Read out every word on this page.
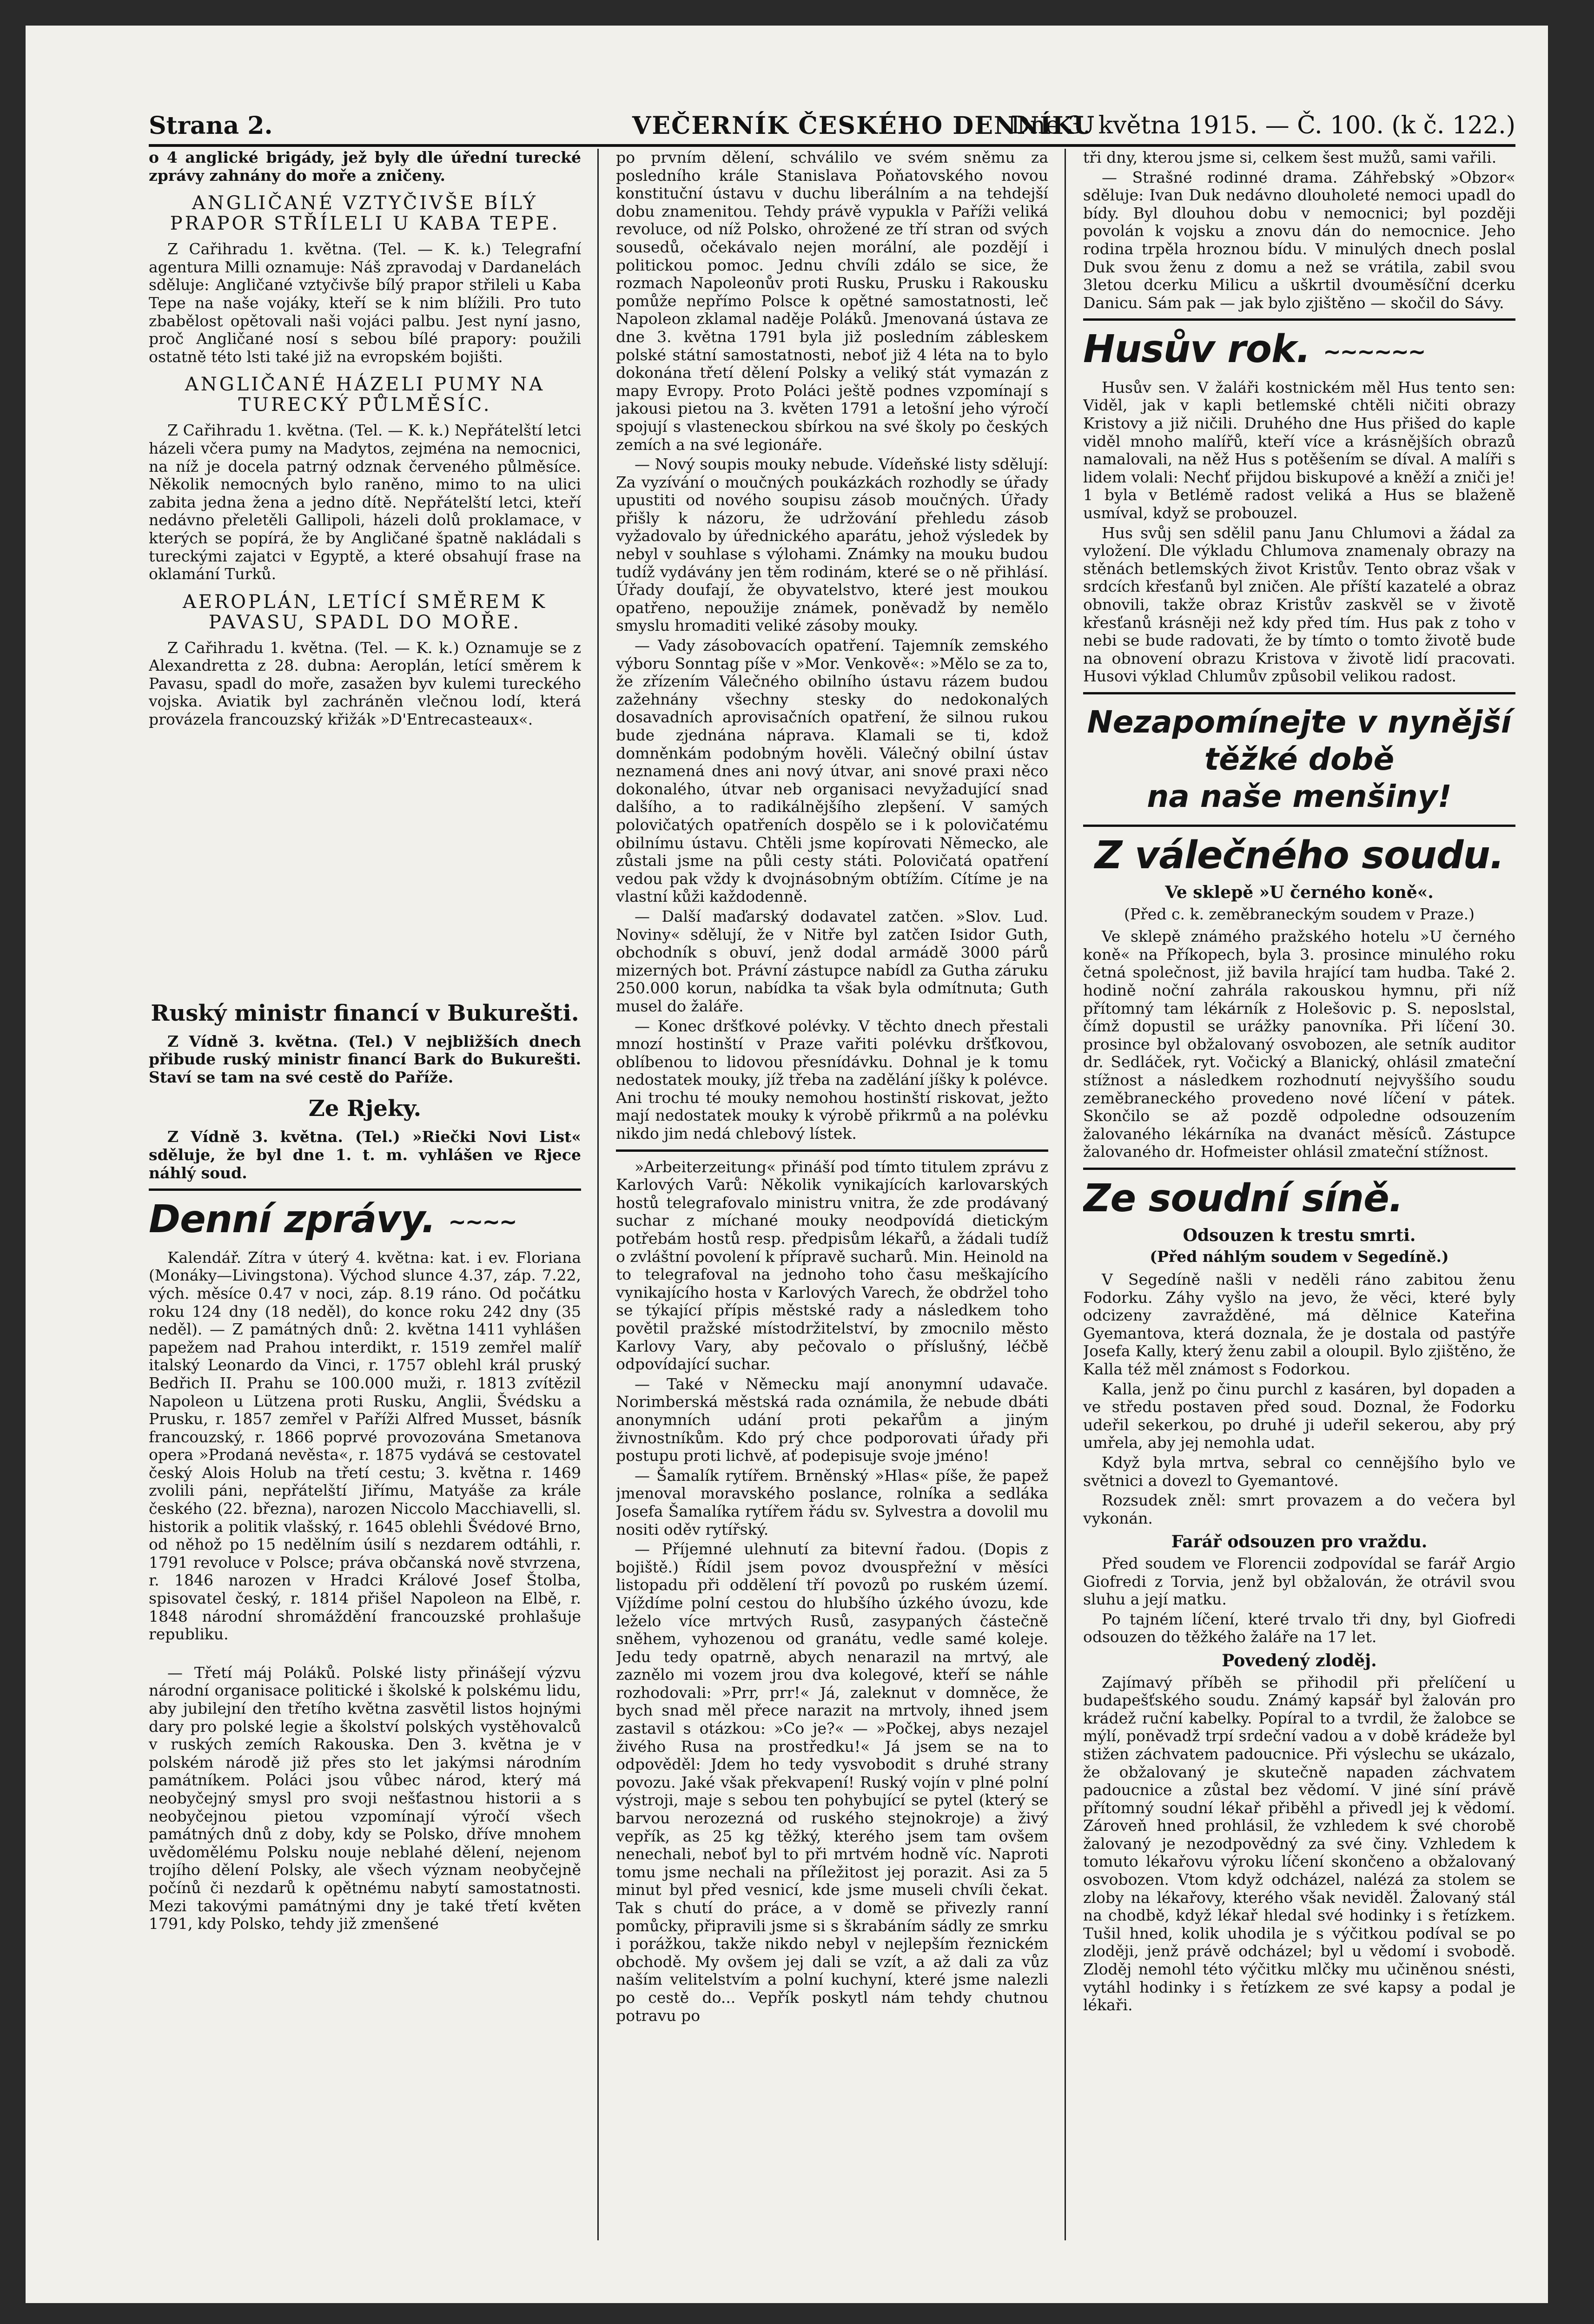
Strana 2.	VEČERNÍK ČESKÉHO DENNÍKU
Dne 3. května 1915. — Č. 100. (k č. 122.)

o 4 anglické brigády, jež byly dle úřední turecké zprávy zahnány do moře a zničeny.

ANGLIČANÉ VZTYČIVŠE BÍLÝ PRAPOR STŘÍLELI U KABA TEPE.

Z Cařihradu 1. května. (Tel. — K. k.) Telegrafní agentura Milli oznamuje: Náš zpravodaj v Dardanelách sděluje: Angličané vztyčivše bílý prapor střileli u Kaba Tepe na naše vojáky, kteří se k nim blížili. Pro tuto zbabělost opětovali naši vojáci palbu. Jest nyní jasno, proč Angličané nosí s sebou bílé prapory: použili ostatně této lsti také již na evropském bojišti.

ANGLIČANÉ HÁZELI PUMY NA TURECKÝ PŮLMĚSÍC.

Z Cařihradu 1. května. (Tel. — K. k.) Nepřátelští letci házeli včera pumy na Madytos, zejména na nemocnici, na níž je docela patrný odznak červeného půlměsíce. Několik nemocných bylo raněno, mimo to na ulici zabita jedna žena a jedno dítě. Nepřátelští letci, kteří nedávno přeletěli Gallipoli, házeli dolů proklamace, v kterých se popírá, že by Angličané špatně nakládali s tureckými zajatci v Egyptě, a které obsahují frase na oklamání Turků.

AEROPLÁN, LETÍCÍ SMĚREM K PAVASU, SPADL DO MOŘE.

Z Cařihradu 1. května. (Tel. — K. k.) Oznamuje se z Alexandretta z 28. dubna: Aeroplán, letící směrem k Pavasu, spadl do moře, zasažen byv kulemi tureckého vojska. Aviatik byl zachráněn vlečnou lodí, která provázela francouzský křižák »D'Entrecasteaux«.

Ruský ministr financí v Bukurešti.

Z Vídně 3. května. (Tel.) V nejbližších dnech přibude ruský ministr financí Bark do Bukurešti. Staví se tam na své cestě do Paříže.

Ze Rjeky.

Z Vídně 3. května. (Tel.) »Riečki Novi List« sděluje, že byl dne 1. t. m. vyhlášen ve Rjece náhlý soud.

Denní zprávy. ~~~~

Kalendář. Zítra v úterý 4. května: kat. i ev. Floriana (Monáky—Livingstona). Východ slunce 4.37, záp. 7.22, vých. měsíce 0.47 v noci, záp. 8.19 ráno. Od počátku roku 124 dny (18 neděl), do konce roku 242 dny (35 neděl). — Z památných dnů: 2. května 1411 vyhlášen papežem nad Prahou interdikt, r. 1519 zemřel malíř italský Leonardo da Vinci, r. 1757 oblehl král pruský Bedřich II. Prahu se 100.000 muži, r. 1813 zvítězil Napoleon u Lützena proti Rusku, Anglii, Švédsku a Prusku, r. 1857 zemřel v Paříži Alfred Musset, básník francouzský, r. 1866 poprvé provozována Smetanova opera »Prodaná nevěsta«, r. 1875 vydává se cestovatel český Alois Holub na třetí cestu; 3. května r. 1469 zvolili páni, nepřátelští Jiřímu, Matyáše za krále českého (22. března), narozen Niccolo Macchiavelli, sl. historik a politik vlašský, r. 1645 oblehli Švédové Brno, od něhož po 15 nedělním úsilí s nezdarem odtáhli, r. 1791 revoluce v Polsce; práva občanská nově stvrzena, r. 1846 narozen v Hradci Králové Josef Štolba, spisovatel český, r. 1814 přišel Napoleon na Elbě, r. 1848 národní shromáždění francouzské prohlašuje republiku.

— Třetí máj Poláků. Polské listy přinášejí výzvu národní organisace politické i školské k polskému lidu, aby jubilejní den třetího května zasvětil listos hojnými dary pro polské legie a školství polských vystěhovalců v ruských zemích Rakouska. Den 3. května je v polském národě již přes sto let jakýmsi národním památníkem. Poláci jsou vůbec národ, který má neobyčejný smysl pro svoji nešťastnou historii a s neobyčejnou pietou vzpomínají výročí všech památných dnů z doby, kdy se Polsko, dříve mnohem uvědomělému Polsku nouje neblahé dělení, nejenom trojího dělení Polsky, ale všech význam neobyčejně počínů či nezdarů k opětnému nabytí samostatnosti. Mezi takovými památnými dny je také třetí květen 1791, kdy Polsko, tehdy již zmenšené

po prvním dělení, schválilo ve svém sněmu za posledního krále Stanislava Poňatovského novou konstituční ústavu v duchu liberálním a na tehdejší dobu znamenitou. Tehdy právě vypukla v Paříži veliká revoluce, od níž Polsko, ohrožené ze tří stran od svých sousedů, očekávalo nejen morální, ale pozdějí i politickou pomoc. Jednu chvíli zdálo se sice, že rozmach Napoleonův proti Rusku, Prusku i Rakousku pomůže nepřímo Polsce k opětné samostatnosti, leč Napoleon zklamal naděje Poláků. Jmenovaná ústava ze dne 3. května 1791 byla již posledním zábleskem polské státní samostatnosti, neboť již 4 léta na to bylo dokonána třetí dělení Polsky a veliký stát vymazán z mapy Evropy. Proto Poláci ještě podnes vzpomínají s jakousi pietou na 3. květen 1791 a letošní jeho výročí spojují s vlasteneckou sbírkou na své školy po českých zemích a na své legionáře.

— Nový soupis mouky nebude. Vídeňské listy sdělují: Za vyzívání o moučných poukázkách rozhodly se úřady upustiti od nového soupisu zásob moučných. Úřady přišly k názoru, že udržování přehledu zásob vyžadovalo by úřednického aparátu, jehož výsledek by nebyl v souhlase s výlohami. Známky na mouku budou tudíž vydávány jen těm rodinám, které se o ně přihlásí. Úřady doufají, že obyvatelstvo, které jest moukou opatřeno, nepoužije známek, poněvadž by nemělo smyslu hromaditi veliké zásoby mouky.

— Vady zásobovacích opatření. Tajemník zemského výboru Sonntag píše v »Mor. Venkově«: »Mělo se za to, že zřízením Válečného obilního ústavu rázem budou zažehnány všechny stesky do nedokonalých dosavadních aprovisačních opatření, že silnou rukou bude zjednána náprava. Klamali se ti, kdož domněnkám podobným hověli. Válečný obilní ústav neznamená dnes ani nový útvar, ani snové praxi něco dokonalého, útvar neb organisaci nevyžadující snad dalšího, a to radikálnějšího zlepšení. V samých polovičatých opatřeních dospělo se i k polovičatému obilnímu ústavu. Chtěli jsme kopírovati Německo, ale zůstali jsme na půli cesty státi. Polovičatá opatření vedou pak vždy k dvojnásobným obtížím. Cítíme je na vlastní kůži každodenně.

— Další maďarský dodavatel zatčen. »Slov. Lud. Noviny« sdělují, že v Nitře byl zatčen Isidor Guth, obchodník s obuví, jenž dodal armádě 3000 párů mizerných bot. Právní zástupce nabídl za Gutha záruku 250.000 korun, nabídka ta však byla odmítnuta; Guth musel do žaláře.

— Konec dršťkové polévky. V těchto dnech přestali mnozí hostinští v Praze vařiti polévku dršťkovou, oblíbenou to lidovou přesnídávku. Dohnal je k tomu nedostatek mouky, jíž třeba na zadělání jíšky k polévce. Ani trochu té mouky nemohou hostinští riskovat, ježto mají nedostatek mouky k výrobě přikrmů a na polévku nikdo jim nedá chlebový lístek.

»Arbeiterzeitung« přináší pod tímto titulem zprávu z Karlových Varů: Několik vynikajících karlovarských hostů telegrafovalo ministru vnitra, že zde prodávaný suchar z míchané mouky neodpovídá dietickým potřebám hostů resp. předpisům lékařů, a žádali tudíž o zvláštní povolení k přípravě sucharů. Min. Heinold na to telegrafoval na jednoho toho času meškajícího vynikajícího hosta v Karlových Varech, že obdržel toho se týkající přípis městské rady a následkem toho povětil pražské místodržitelství, by zmocnilo město Karlovy Vary, aby pečovalo o příslušný, léčbě odpovídající suchar.

— Také v Německu mají anonymní udavače. Norimberská městská rada oznámila, že nebude dbáti anonymních udání proti pekařům a jiným živnostníkům. Kdo prý chce podporovati úřady při postupu proti lichvě, ať podepisuje svoje jméno!

— Šamalík rytířem. Brněnský »Hlas« píše, že papež jmenoval moravského poslance, rolníka a sedláka Josefa Šamalíka rytířem řádu sv. Sylvestra a dovolil mu nositi oděv rytířský.

— Příjemné ulehnutí za bitevní řadou. (Dopis z bojiště.) Řídil jsem povoz dvouspřežní v měsíci listopadu při oddělení tří povozů po ruském území. Vjíždíme polní cestou do hlubšího úzkého úvozu, kde leželo více mrtvých Rusů, zasypaných částečně sněhem, vyhozenou od granátu, vedle samé koleje. Jedu tedy opatrně, abych nenarazil na mrtvý, ale zaznělo mi vozem jrou dva kolegové, kteří se náhle rozhodovali: »Prr, prr!« Já, zaleknut v domněce, že bych snad měl přece narazit na mrtvoly, ihned jsem zastavil s otázkou: »Co je?« — »Počkej, abys nezajel živého Rusa na prostředku!« Já jsem se na to odpověděl: Jdem ho tedy vysvobodit s druhé strany povozu. Jaké však překvapení! Ruský vojín v plné polní výstroji, maje s sebou ten pohybující se pytel (který se barvou nerozezná od ruského stejnokroje) a živý vepřík, as 25 kg těžký, kterého jsem tam ovšem nenechali, neboť byl to při mrtvém hodně víc. Naproti tomu jsme nechali na příležitost jej porazit. Asi za 5 minut byl před vesnicí, kde jsme museli chvíli čekat. Tak s chutí do práce, a v domě se přivezly ranní pomůcky, připravili jsme si s škrabáním sádly ze smrku i porážkou, takže nikdo nebyl v nejlepším řeznickém obchodě. My ovšem jej dali se vzít, a až dali za vůz naším velitelstvím a polní kuchyní, které jsme nalezli po cestě do... Vepřík poskytl nám tehdy chutnou potravu po

tři dny, kterou jsme si, celkem šest mužů, sami vařili.

— Strašné rodinné drama. Záhřebský »Obzor« sděluje: Ivan Duk nedávno dlouholeté nemoci upadl do bídy. Byl dlouhou dobu v nemocnici; byl později povolán k vojsku a znovu dán do nemocnice. Jeho rodina trpěla hroznou bídu. V minulých dnech poslal Duk svou ženu z domu a než se vrátila, zabil svou 3letou dcerku Milicu a uškrtil dvouměsíční dcerku Danicu. Sám pak — jak bylo zjištěno — skočil do Sávy.

Husův rok. ~~~~~~

Husův sen. V žaláři kostnickém měl Hus tento sen: Viděl, jak v kapli betlemské chtěli ničiti obrazy Kristovy a již ničili. Druhého dne Hus přišed do kaple viděl mnoho malířů, kteří více a krásnějších obrazů namalovali, na něž Hus s potěšením se díval. A malíři s lidem volali: Nechť přijdou biskupové a kněží a zniči je! 1 byla v Betlémě radost veliká a Hus se blaženě usmíval, když se probouzel.

Hus svůj sen sdělil panu Janu Chlumovi a žádal za vyložení. Dle výkladu Chlumova znamenaly obrazy na stěnách betlemských život Kristův. Tento obraz však v srdcích křesťanů byl zničen. Ale příští kazatelé a obraz obnovili, takže obraz Kristův zaskvěl se v životě křesťanů krásněji než kdy před tím. Hus pak z toho v nebi se bude radovati, že by tímto o tomto životě bude na obnovení obrazu Kristova v životě lidí pracovati. Husovi výklad Chlumův způsobil velikou radost.

Nezapomínejte v nynější těžké době
na naše menšiny!
Z válečného soudu.
Ve sklepě »U černého koně«.
(Před c. k. zeměbraneckým soudem v Praze.)

Ve sklepě známého pražského hotelu »U černého koně« na Příkopech, byla 3. prosince minulého roku četná společnost, již bavila hrající tam hudba. Také 2. hodině noční zahrála rakouskou hymnu, při níž přítomný tam lékárník z Holešovic p. S. neposlstal, čímž dopustil se urážky panovníka. Při líčení 30. prosince byl obžalovaný osvobozen, ale setník auditor dr. Sedláček, ryt. Vočický a Blanický, ohlásil zmateční stížnost a následkem rozhodnutí nejvyššího soudu zeměbraneckého provedeno nové líčení v pátek. Skončilo se až pozdě odpoledne odsouzením žalovaného lékárníka na dvanáct měsíců. Zástupce žalovaného dr. Hofmeister ohlásil zmateční stížnost.

Ze soudní síně.
Odsouzen k trestu smrti.
(Před náhlým soudem v Segedíně.)

V Segedíně našli v neděli ráno zabitou ženu Fodorku. Záhy vyšlo na jevo, že věci, které byly odcizeny zavražděné, má dělnice Kateřina Gyemantova, která doznala, že je dostala od pastýře Josefa Kally, který ženu zabil a oloupil. Bylo zjištěno, že Kalla též měl známost s Fodorkou.

Kalla, jenž po činu purchl z kasáren, byl dopaden a ve středu postaven před soud. Doznal, že Fodorku udeřil sekerkou, po druhé ji udeřil sekerou, aby prý umřela, aby jej nemohla udat.

Když byla mrtva, sebral co cennějšího bylo ve světnici a dovezl to Gyemantové.

Rozsudek zněl: smrt provazem a do večera byl vykonán.

Farář odsouzen pro vraždu.

Před soudem ve Florencii zodpovídal se farář Argio Giofredi z Torvia, jenž byl obžalován, že otrávil svou sluhu a její matku.

Po tajném líčení, které trvalo tři dny, byl Giofredi odsouzen do těžkého žaláře na 17 let.

Povedený zloděj.

Zajímavý příběh se přihodil při přelíčení u budapešťského soudu. Známý kapsář byl žalován pro krádež ruční kabelky. Popíral to a tvrdil, že žalobce se mýlí, poněvadž trpí srdeční vadou a v době krádeže byl stižen záchvatem padoucnice. Při výslechu se ukázalo, že obžalovaný je skutečně napaden záchvatem padoucnice a zůstal bez vědomí. V jiné síní právě přítomný soudní lékař přiběhl a přivedl jej k vědomí. Zároveň hned prohlásil, že vzhledem k své chorobě žalovaný je nezodpovědný za své činy. Vzhledem k tomuto lékařovu výroku líčení skončeno a obžalovaný osvobozen. Vtom když odcházel, nalézá za stolem se zloby na lékařovy, kterého však neviděl. Žalovaný stál na chodbě, když lékař hledal své hodinky i s řetízkem. Tušil hned, kolik uhodila je s výčitkou podíval se po zloději, jenž právě odcházel; byl u vědomí i svobodě. Zloděj nemohl této výčitku mlčky mu učiněnou snésti, vytáhl hodinky i s řetízkem ze své kapsy a podal je lékaři.
